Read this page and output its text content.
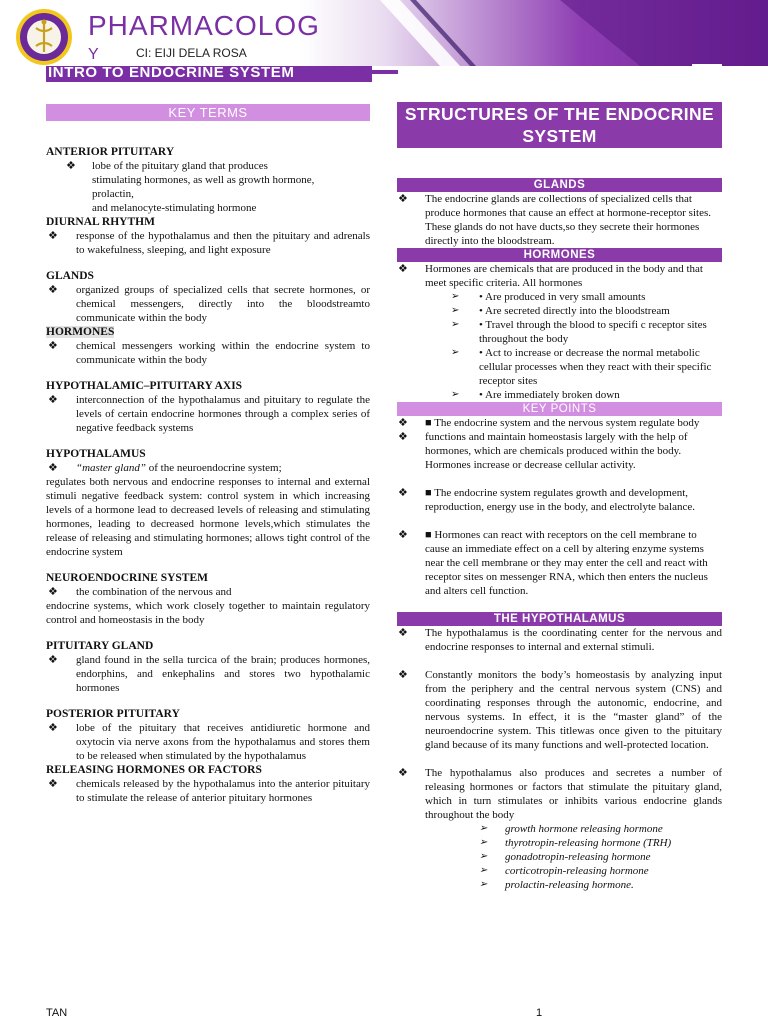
PHARMACOLOG
Y	CI: EIJI DELA ROSA
INTRO TO ENDOCRINE SYSTEM
KEY TERMS
ANTERIOR PITUITARY
❖ lobe of the pituitary gland that produces
stimulating hormones, as well as growth hormone,
prolactin,
and melanocyte-stimulating hormone
DIURNAL RHYTHM
❖ response of the hypothalamus and then the pituitary and adrenals to wakefulness, sleeping, and light exposure
GLANDS
❖ organized groups of specialized cells that secrete hormones, or chemical messengers, directly into the bloodstreamto communicate within the body
HORMONES
❖ chemical messengers working within the endocrine system to communicate within the body
HYPOTHALAMIC–PITUITARY AXIS
❖ interconnection of the hypothalamus and pituitary to regulate the levels of certain endocrine hormones through a complex series of negative feedback systems
HYPOTHALAMUS
❖ “master gland” of the neuroendocrine system;
regulates both nervous and endocrine responses to internal and external stimuli negative feedback system: control system in which increasing levels of a hormone lead to decreased levels of releasing and stimulating hormones, leading to decreased hormone levels,which stimulates the release of releasing and stimulating hormones; allows tight control of the endocrine system
NEUROENDOCRINE SYSTEM
❖ the combination of the nervous and
endocrine systems, which work closely together to maintain regulatory control and homeostasis in the body
PITUITARY GLAND
❖ gland found in the sella turcica of the brain; produces hormones, endorphins, and enkephalins and stores two hypothalamic hormones
POSTERIOR PITUITARY
❖ lobe of the pituitary that receives antidiuretic hormone and oxytocin via nerve axons from the hypothalamus and stores them to be released when stimulated by the hypothalamus
RELEASING HORMONES OR FACTORS
❖ chemicals released by the hypothalamus into the anterior pituitary to stimulate the release of anterior pituitary hormones
STRUCTURES OF THE ENDOCRINE SYSTEM
GLANDS
❖ The endocrine glands are collections of specialized cells that produce hormones that cause an effect at hormone-receptor sites. These glands do not have ducts,so they secrete their hormones directly into the bloodstream.
HORMONES
❖ Hormones are chemicals that are produced in the body and that meet specific criteria. All hormones
➢ • Are produced in very small amounts
➢ • Are secreted directly into the bloodstream
➢ • Travel through the blood to specifi c receptor sites throughout the body
➢ • Act to increase or decrease the normal metabolic cellular processes when they react with their specific receptor sites
➢ • Are immediately broken down
KEY POINTS
❖
❖
■ The endocrine system and the nervous system regulate body functions and maintain homeostasis largely with the help of hormones, which are chemicals produced within the body. Hormones increase or decrease cellular activity.
❖ ■ The endocrine system regulates growth and development, reproduction, energy use in the body, and electrolyte balance.
❖ ■ Hormones can react with receptors on the cell membrane to cause an immediate effect on a cell by altering enzyme systems near the cell membrane or they may enter the cell and react with receptor sites on messenger RNA, which then enters the nucleus and alters cell function.
THE HYPOTHALAMUS
❖ The hypothalamus is the coordinating center for the nervous and endocrine responses to internal and external stimuli.
❖ Constantly monitors the body’s homeostasis by analyzing input from the periphery and the central nervous system (CNS) and coordinating responses through the autonomic, endocrine, and nervous systems. In effect, it is the “master gland” of the neuroendocrine system. This titlewas once given to the pituitary gland because of its many functions and well-protected location.
❖ The hypothalamus also produces and secretes a number of releasing hormones or factors that stimulate the pituitary gland, which in turn stimulates or inhibits various endocrine glands throughout the body
➢ growth hormone releasing hormone
➢ thyrotropin-releasing hormone (TRH)
➢ gonadotropin-releasing hormone
➢ corticotropin-releasing hormone
➢ prolactin-releasing hormone.
TAN	1
